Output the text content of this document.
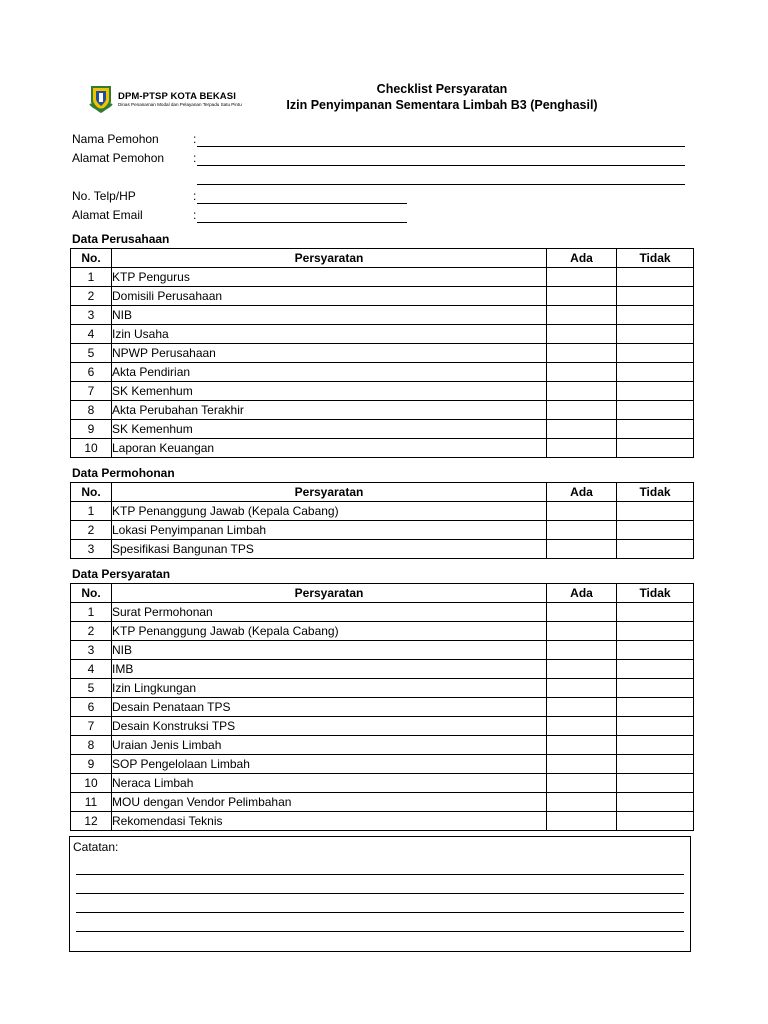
DPM-PTSP KOTA BEKASI
Dinas Penanaman Modal dan Pelayanan Terpadu Satu Pintu
Checklist Persyaratan
Izin Penyimpanan Sementara Limbah B3 (Penghasil)
Nama Pemohon	:
Alamat Pemohon :
No. Telp/HP	:
Alamat Email	:
Data Perusahaan
No.	Persyaratan	Ada	Tidak
1	KTP Pengurus		
2	Domisili Perusahaan		
3	NIB		
4	Izin Usaha		
5	NPWP Perusahaan		
6	Akta Pendirian		
7	SK Kemenhum		
8	Akta Perubahan Terakhir		
9	SK Kemenhum		
10	Laporan Keuangan		
Data Permohonan
No.	Persyaratan	Ada	Tidak
1	KTP Penanggung Jawab (Kepala Cabang)		
2	Lokasi Penyimpanan Limbah		
3	Spesifikasi Bangunan TPS		
Data Persyaratan
No.	Persyaratan	Ada	Tidak
1	Surat Permohonan		
2	KTP Penanggung Jawab (Kepala Cabang)		
3	NIB		
4	IMB		
5	Izin Lingkungan		
6	Desain Penataan TPS		
7	Desain Konstruksi TPS		
8	Uraian Jenis Limbah		
9	SOP Pengelolaan Limbah		
10	Neraca Limbah		
11	MOU dengan Vendor Pelimbahan		
12	Rekomendasi Teknis		
Catatan:
